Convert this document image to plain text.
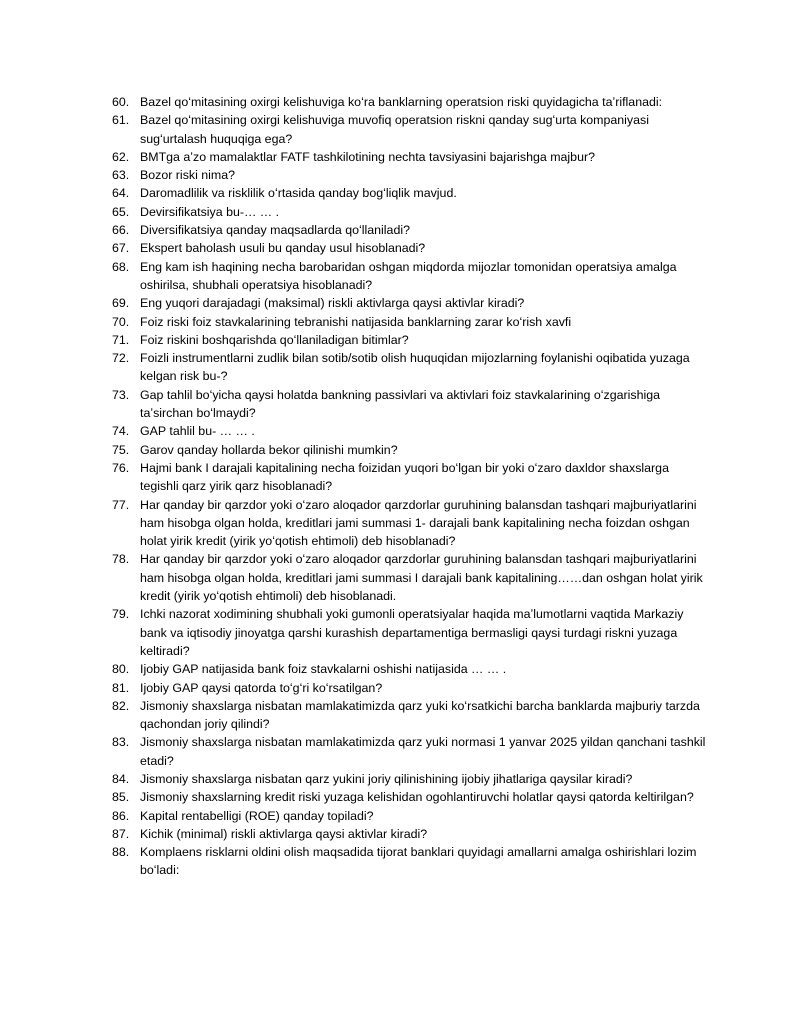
60. Bazel qoʻmitasining oxirgi kelishuviga koʻra banklarning operatsion riski quyidagicha taʼriflanadi:
61. Bazel qoʻmitasining oxirgi kelishuviga muvofiq operatsion riskni qanday sugʻurta kompaniyasi sugʻurtalash huquqiga ega?
62. BMTga aʼzo mamalaktlar FATF tashkilotining nechta tavsiyasini bajarishga majbur?
63. Bozor riski nima?
64. Daromadlilik va risklilik oʻrtasida qanday bogʻliqlik mavjud.
65. Devirsifikatsiya bu-… … .
66. Diversifikatsiya qanday maqsadlarda qoʻllaniladi?
67. Ekspert baholash usuli bu qanday usul hisoblanadi?
68. Eng kam ish haqining necha barobaridan oshgan miqdorda mijozlar tomonidan operatsiya amalga oshirilsa, shubhali operatsiya hisoblanadi?
69. Eng yuqori darajadagi (maksimal) riskli aktivlarga qaysi aktivlar kiradi?
70. Foiz riski foiz stavkalarining tebranishi natijasida banklarning zarar koʻrish xavfi
71. Foiz riskini boshqarishda qoʻllaniladigan bitimlar?
72. Foizli instrumentlarni zudlik bilan sotib/sotib olish huquqidan mijozlarning foylanishi oqibatida yuzaga kelgan risk bu-?
73. Gap tahlil boʻyicha qaysi holatda bankning passivlari va aktivlari foiz stavkalarining oʻzgarishiga taʼsirchan boʻlmaydi?
74. GAP tahlil bu- … … .
75. Garov qanday hollarda bekor qilinishi mumkin?
76. Hajmi bank I darajali kapitalining necha foizidan yuqori boʻlgan bir yoki oʻzaro daxldor shaxslarga tegishli qarz yirik qarz hisoblanadi?
77. Har qanday bir qarzdor yoki oʻzaro aloqador qarzdorlar guruhining balansdan tashqari majburiyatlarini ham hisobga olgan holda, kreditlari jami summasi 1- darajali bank kapitalining necha foizdan oshgan holat yirik kredit (yirik yoʻqotish ehtimoli) deb hisoblanadi?
78. Har qanday bir qarzdor yoki oʻzaro aloqador qarzdorlar guruhining balansdan tashqari majburiyatlarini ham hisobga olgan holda, kreditlari jami summasi I darajali bank kapitalining……dan oshgan holat yirik kredit (yirik yoʻqotish ehtimoli) deb hisoblanadi.
79. Ichki nazorat xodimining shubhali yoki gumonli operatsiyalar haqida maʼlumotlarni vaqtida Markaziy bank va iqtisodiy jinoyatga qarshi kurashish departamentiga bermasligi qaysi turdagi riskni yuzaga keltiradi?
80. Ijobiy GAP natijasida bank foiz stavkalarni oshishi natijasida … … .
81. Ijobiy GAP qaysi qatorda toʻgʻri koʻrsatilgan?
82. Jismoniy shaxslarga nisbatan mamlakatimizda qarz yuki koʻrsatkichi barcha banklarda majburiy tarzda qachondan joriy qilindi?
83. Jismoniy shaxslarga nisbatan mamlakatimizda qarz yuki normasi 1 yanvar 2025 yildan qanchani tashkil etadi?
84. Jismoniy shaxslarga nisbatan qarz yukini joriy qilinishining ijobiy jihatlariga qaysilar kiradi?
85. Jismoniy shaxslarning kredit riski yuzaga kelishidan ogohlantiruvchi holatlar qaysi qatorda keltirilgan?
86. Kapital rentabelligi (ROE) qanday topiladi?
87. Kichik (minimal) riskli aktivlarga qaysi aktivlar kiradi?
88. Komplaens risklarni oldini olish maqsadida tijorat banklari quyidagi amallarni amalga oshirishlari lozim boʻladi:
